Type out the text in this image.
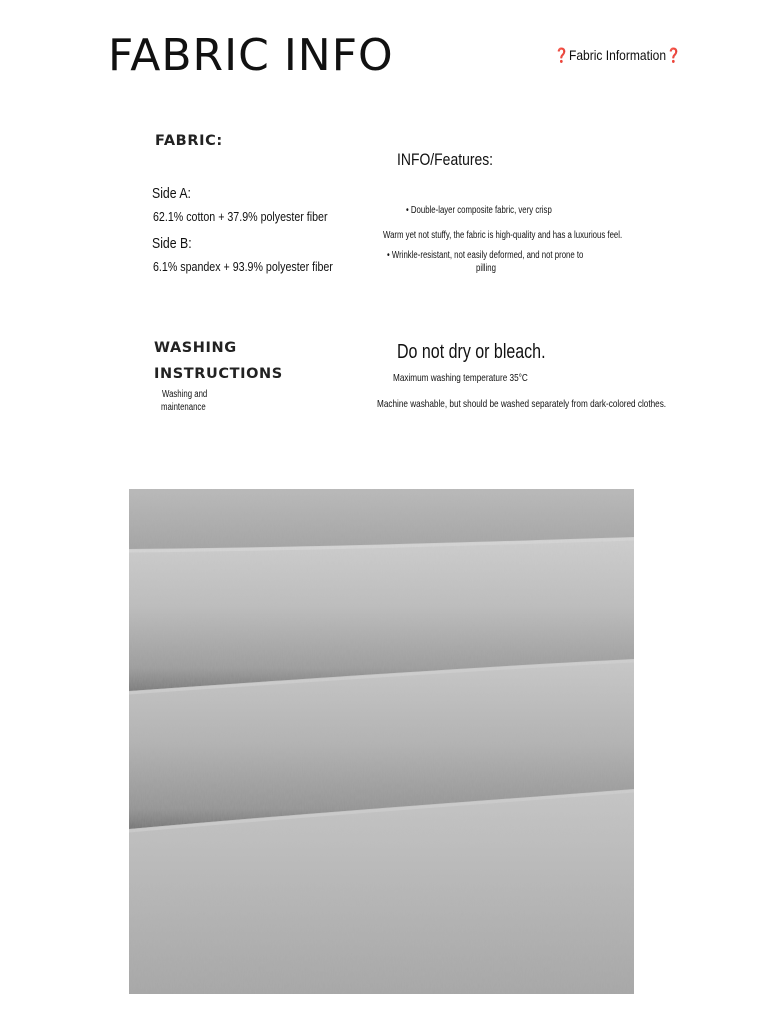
FABRIC INFO	❓Fabric Information❓
FABRIC:
Side A:
62.1% cotton + 37.9% polyester fiber
Side B:
6.1% spandex + 93.9% polyester fiber
INFO/Features:
• Double-layer composite fabric, very crisp
Warm yet not stuffy, the fabric is high-quality and has a luxurious feel.
• Wrinkle-resistant, not easily deformed, and not prone to
pilling
WASHING
INSTRUCTIONS
Washing and
maintenance
Do not dry or bleach.
Maximum washing temperature 35°C
Machine washable, but should be washed separately from dark-colored clothes.
